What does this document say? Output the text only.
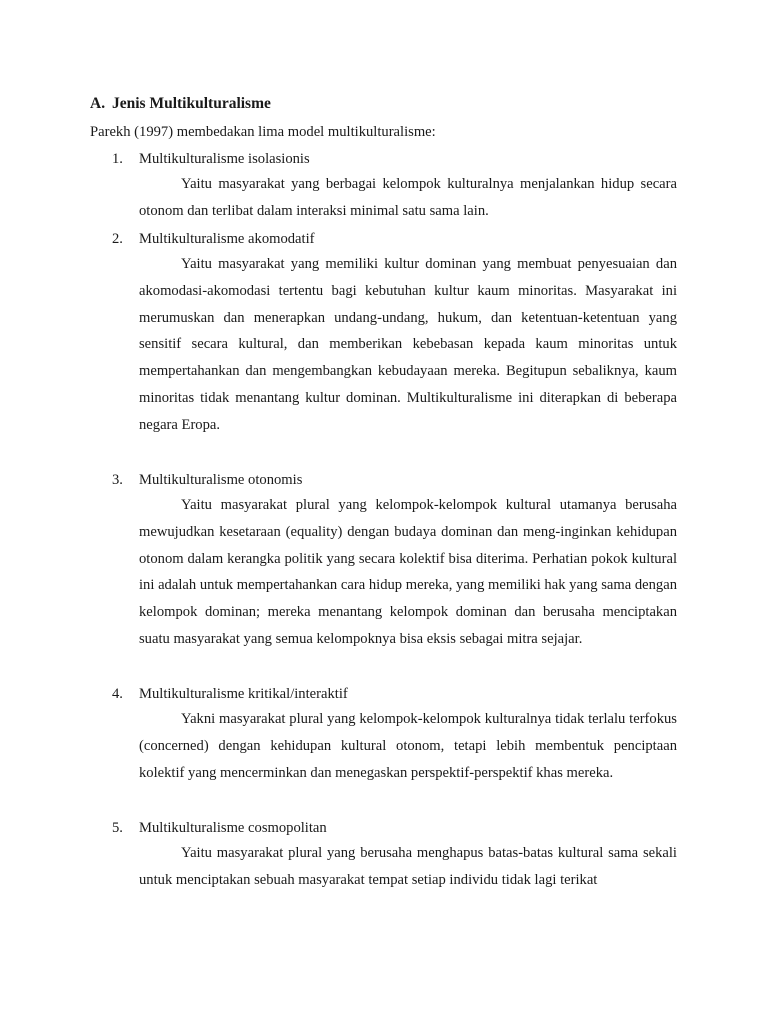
A. Jenis Multikulturalisme
Parekh (1997) membedakan lima model multikulturalisme:
1. Multikulturalisme isolasionis

Yaitu masyarakat yang berbagai kelompok kulturalnya menjalankan hidup secara otonom dan terlibat dalam interaksi minimal satu sama lain.

2. Multikulturalisme akomodatif

Yaitu masyarakat yang memiliki kultur dominan yang membuat penyesuaian dan akomodasi-akomodasi tertentu bagi kebutuhan kultur kaum minoritas. Masyarakat ini merumuskan dan menerapkan undang-undang, hukum, dan ketentuan-ketentuan yang sensitif secara kultural, dan memberikan kebebasan kepada kaum minoritas untuk mempertahankan dan mengembangkan kebudayaan mereka. Begitupun sebaliknya, kaum minoritas tidak menantang kultur dominan. Multikulturalisme ini diterapkan di beberapa negara Eropa.

3. Multikulturalisme otonomis

Yaitu masyarakat plural yang kelompok-kelompok kultural utamanya berusaha mewujudkan kesetaraan (equality) dengan budaya dominan dan meng-inginkan kehidupan otonom dalam kerangka politik yang secara kolektif bisa diterima. Perhatian pokok kultural ini adalah untuk mempertahankan cara hidup mereka, yang memiliki hak yang sama dengan kelompok dominan; mereka menantang kelompok dominan dan berusaha menciptakan suatu masyarakat yang semua kelompoknya bisa eksis sebagai mitra sejajar.

4. Multikulturalisme kritikal/interaktif

Yakni masyarakat plural yang kelompok-kelompok kulturalnya tidak terlalu terfokus (concerned) dengan kehidupan kultural otonom, tetapi lebih membentuk penciptaan kolektif yang mencerminkan dan menegaskan perspektif-perspektif khas mereka.

5. Multikulturalisme cosmopolitan

Yaitu masyarakat plural yang berusaha menghapus batas-batas kultural sama sekali untuk menciptakan sebuah masyarakat tempat setiap individu tidak lagi terikat
